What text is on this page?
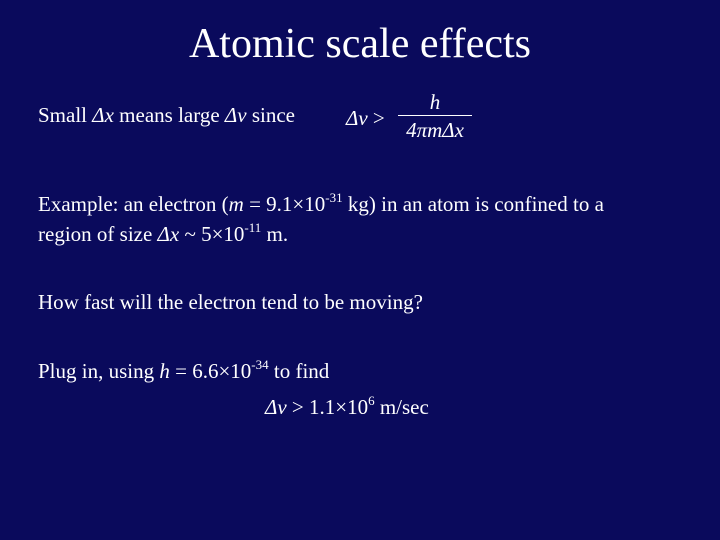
Atomic scale effects
Small Δx means large Δv since Δv >
h
4πmΔx
Example: an electron ($m = 9.1\times 10^{-31}$ kg) in an atom is confined to a
region of size Δx ~ $5\times 10^{-11}$ m.
How fast will the electron tend to be moving?
Plug in, using $h = 6.6\times 10^{-34}$ to find
$\Delta v > 1.1\times 10^6$ m/sec
